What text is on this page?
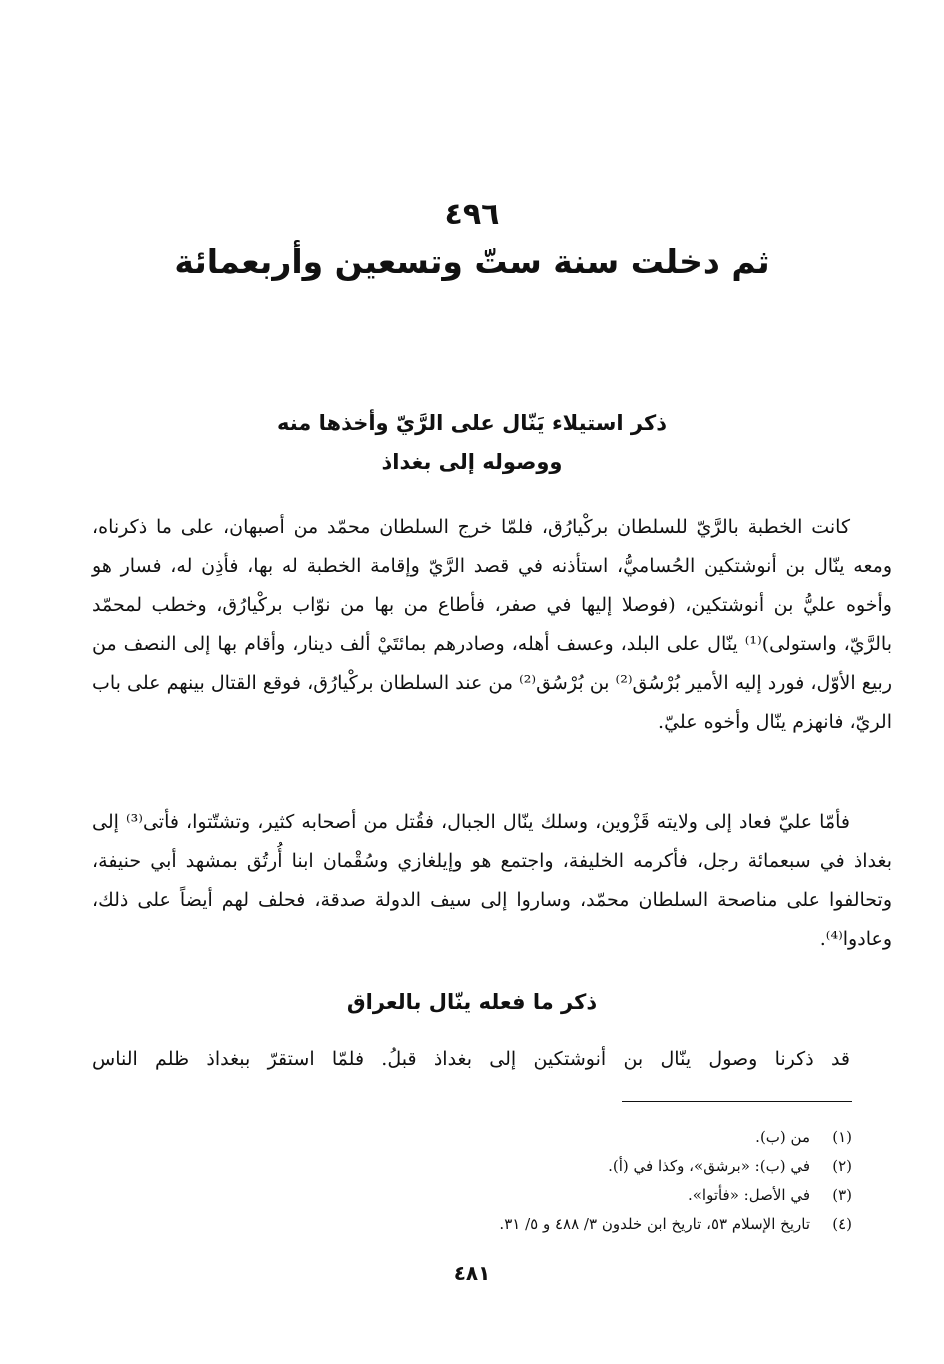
٤٩٦
ثم دخلت سنة ستّ وتسعين وأربعمائة
ذكر استيلاء يَنّال على الرَّيّ وأخذها منه
ووصوله إلى بغداذ

كانت الخطبة بالرَّيّ للسلطان بركْيارُق، فلمّا خرج السلطان محمّد من أصبهان، على ما ذكرناه، ومعه ينّال بن أنوشتكين الحُساميُّ، استأذنه في قصد الرَّيّ وإقامة الخطبة له بها، فأذِن له، فسار هو وأخوه عليُّ بن أنوشتكين، (فوصلا إليها في صفر، فأطاع من بها من نوّاب بركْيارُق، وخطب لمحمّد بالرَّيّ، واستولى)⁽¹⁾ ينّال على البلد، وعسف أهله، وصادرهم بمائتَيْ ألف دينار، وأقام بها إلى النصف من ربيع الأوّل، فورد إليه الأمير بُرْسُق⁽²⁾ بن بُرْسُق⁽²⁾ من عند السلطان بركْيارُق، فوقع القتال بينهم على باب الريّ، فانهزم ينّال وأخوه عليّ.

فأمّا عليّ فعاد إلى ولايته قَزْوين، وسلك ينّال الجبال، فقُتل من أصحابه كثير، وتشتّتوا، فأتى⁽³⁾ إلى بغداذ في سبعمائة رجل، فأكرمه الخليفة، واجتمع هو وإيلغازي وسُقْمان ابنا أُرتُق بمشهد أبي حنيفة، وتحالفوا على مناصحة السلطان محمّد، وساروا إلى سيف الدولة صدقة، فحلف لهم أيضاً على ذلك، وعادوا⁽⁴⁾.

ذكر ما فعله ينّال بالعراق

قد ذكرنا وصول ينّال بن أنوشتكين إلى بغداذ قبلُ. فلمّا استقرّ ببغداذ ظلم الناس

(١)
من (ب).
(٢)
في (ب): «برشق»، وكذا في (أ).
(٣)
في الأصل: «فأتوا».
(٤)
تاريخ الإسلام ٥٣، تاريخ ابن خلدون ٣/ ٤٨٨ و ٥/ ٣١.
٤٨١
